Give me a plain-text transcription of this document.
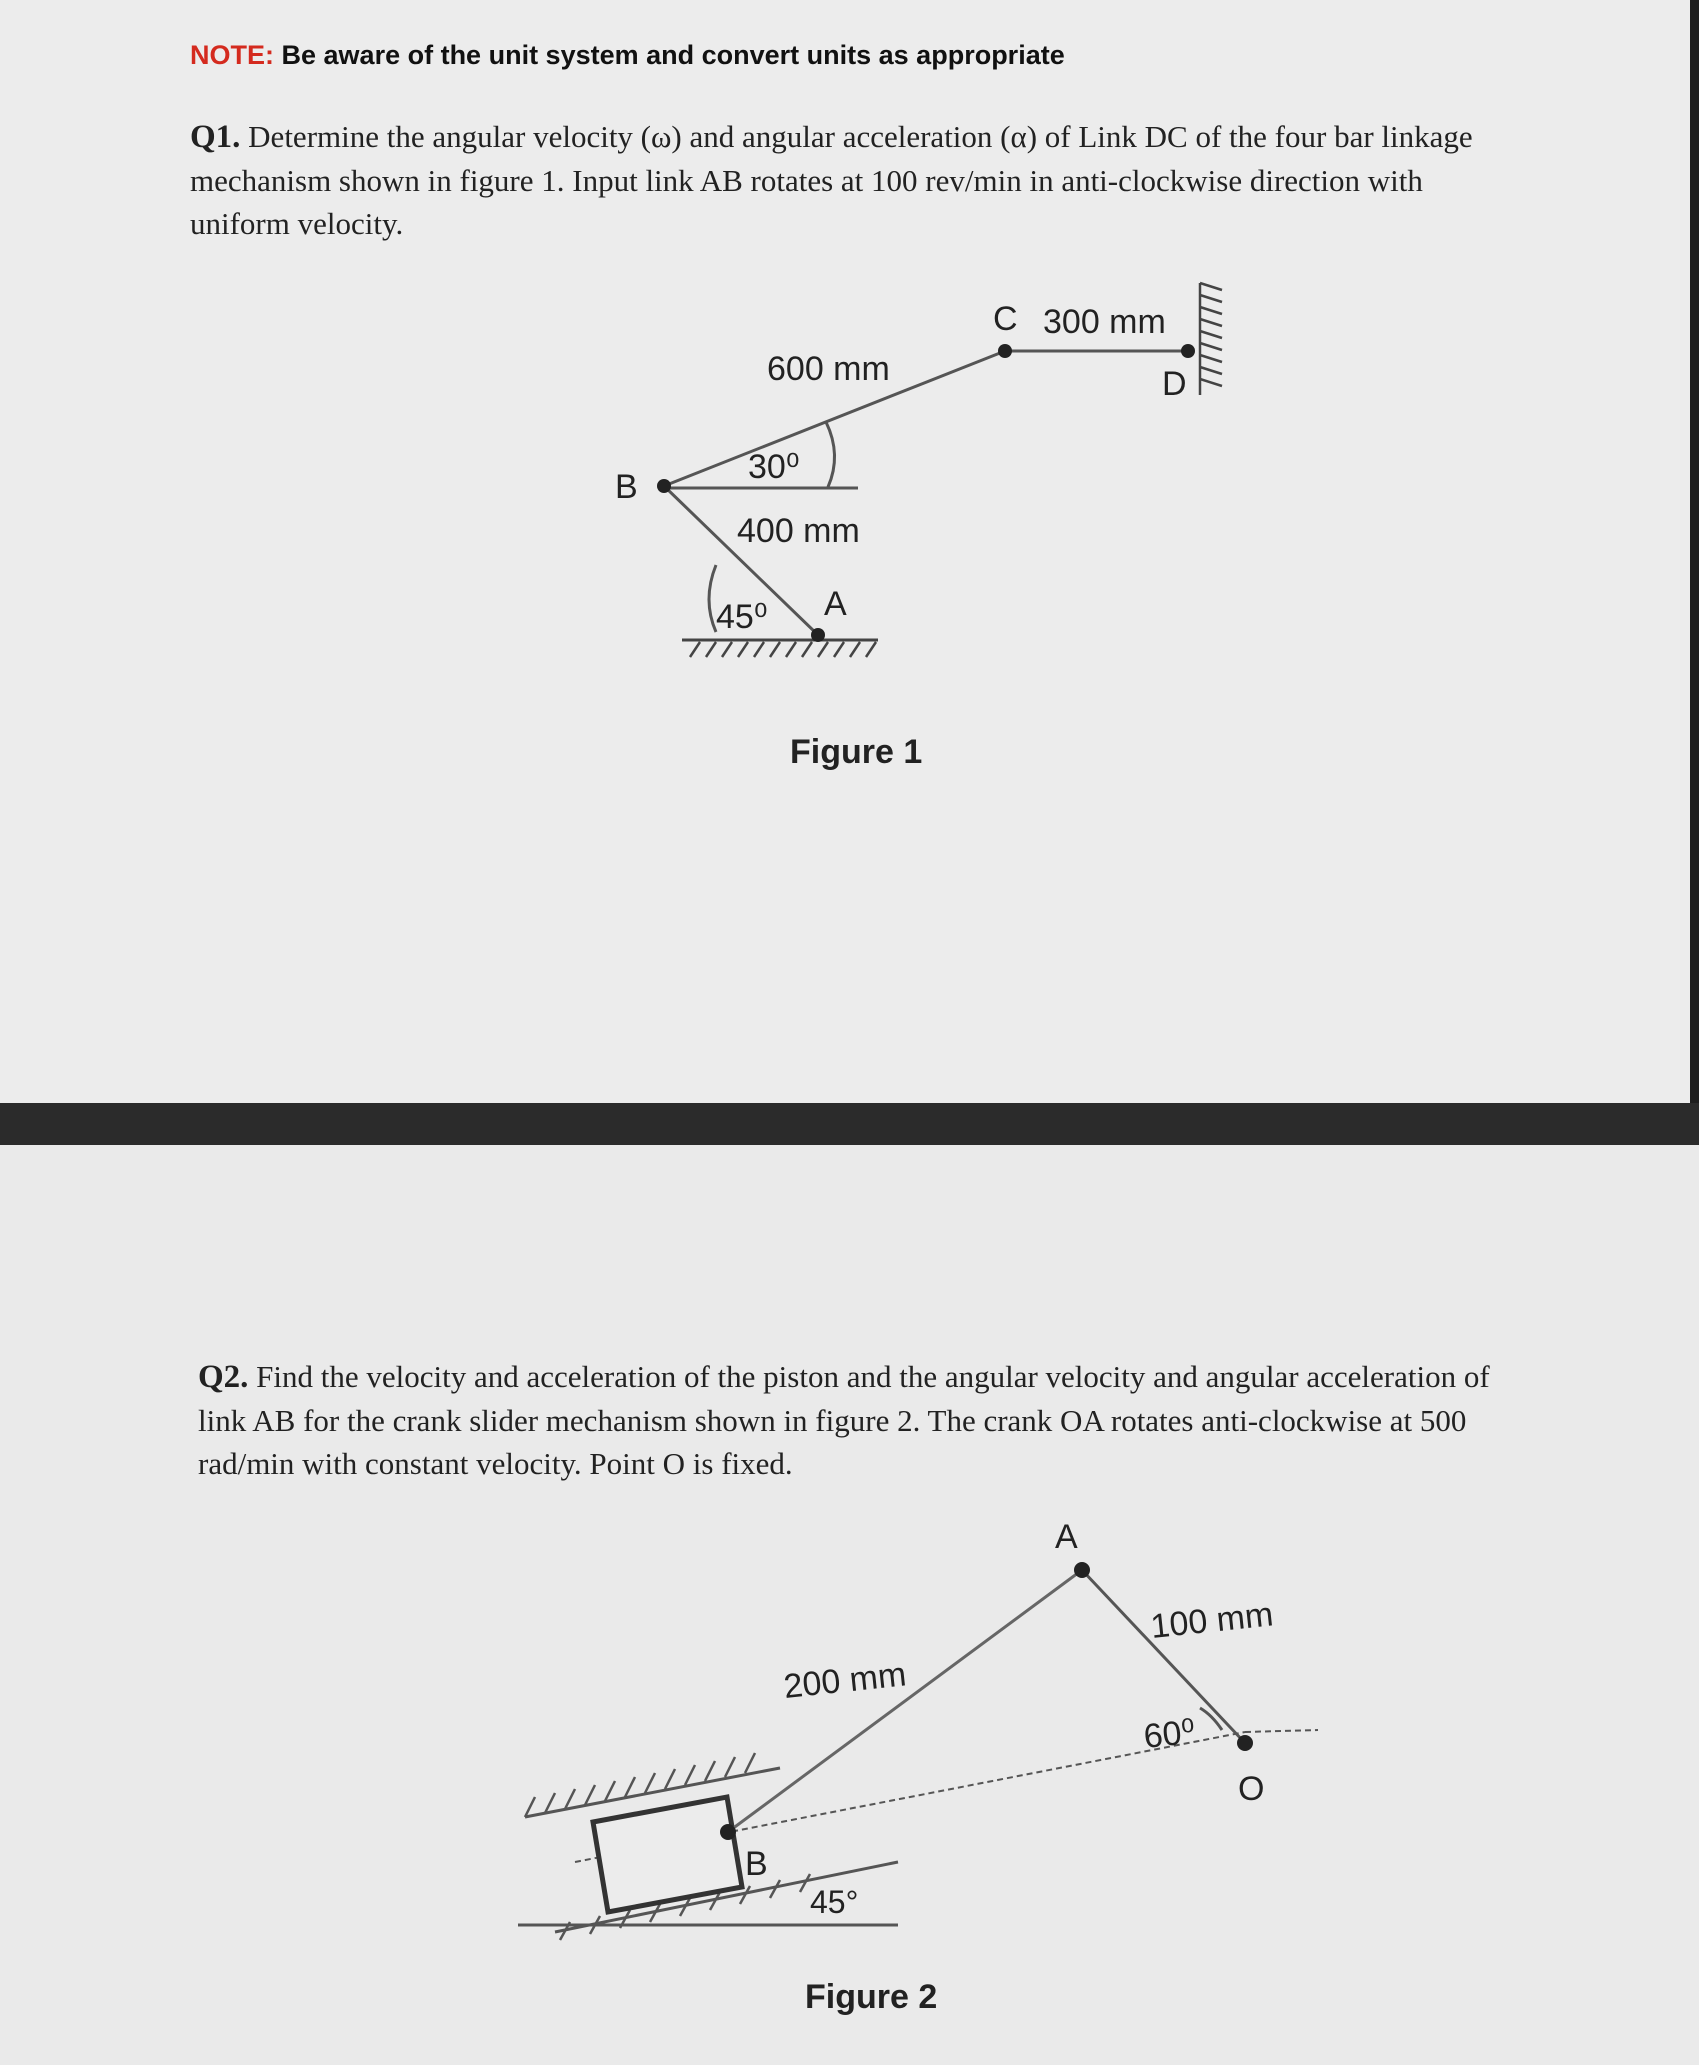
NOTE: Be aware of the unit system and convert units as appropriate
Q1. Determine the angular velocity (ω) and angular acceleration (α) of Link DC of the four bar linkage mechanism shown in figure 1. Input link AB rotates at 100 rev/min in anti-clockwise direction with uniform velocity.
C 300 mm
D
600 mm
B
30⁰
400 mm
45⁰ A
Figure 1
Q2. Find the velocity and acceleration of the piston and the angular velocity and angular acceleration of link AB for the crank slider mechanism shown in figure 2. The crank OA rotates anti-clockwise at 500 rad/min with constant velocity. Point O is fixed.
A
100 mm
200 mm
60⁰
O
B
45°
Figure 2
